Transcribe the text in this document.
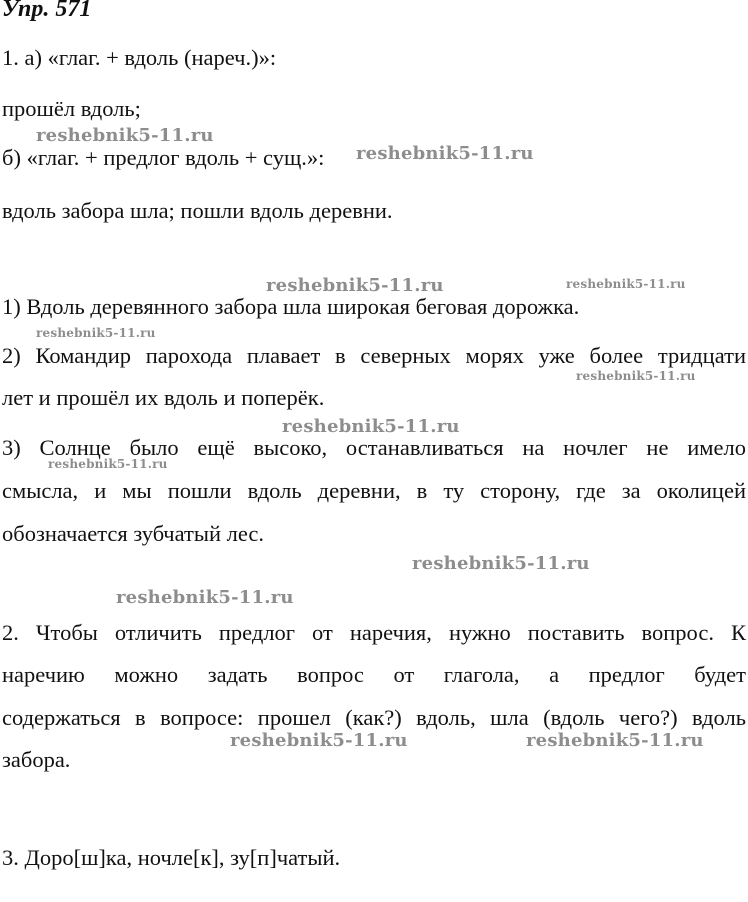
Упр. 571
1. а) «глаг. + вдоль (нареч.)»:
прошёл вдоль;
б) «глаг. + предлог вдоль + сущ.»:
вдоль забора шла; пошли вдоль деревни.
1) Вдоль деревянного забора шла широкая беговая дорожка.
2) Командир парохода плавает в северных морях уже более тридцати
лет и прошёл их вдоль и поперёк.
3) Солнце было ещё высоко, останавливаться на ночлег не имело
смысла, и мы пошли вдоль деревни, в ту сторону, где за околицей
обозначается зубчатый лес.
2. Чтобы отличить предлог от наречия, нужно поставить вопрос. К
наречию можно задать вопрос от глагола, а предлог будет
содержаться в вопросе: прошел (как?) вдоль, шла (вдоль чего?) вдоль
забора.
3. Доро[ш]ка, ночле[к], зу[п]чатый.
reshebnik5-11.ru
reshebnik5-11.ru
reshebnik5-11.ru	reshebnik5-11.ru
reshebnik5-11.ru
reshebnik5-11.ru
reshebnik5-11.ru
reshebnik5-11.ru
reshebnik5-11.ru
reshebnik5-11.ru
reshebnik5-11.ru	reshebnik5-11.ru
